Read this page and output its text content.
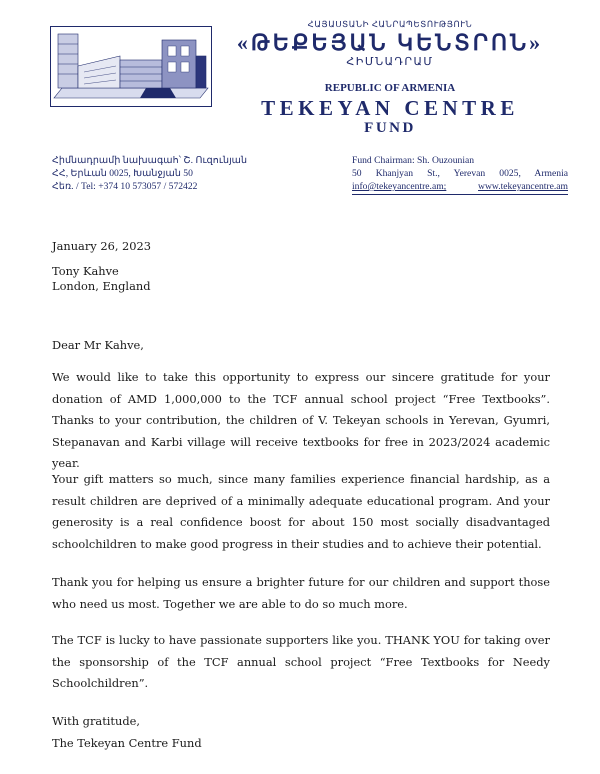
ՀԱՅԱՍՏԱՆԻ ՀԱՆՐԱՊԵՏՈՒԹՅՈՒՆ
«ԹԵՔԵՅԱՆ ԿԵՆՏՐՈՆ»
ՀԻՄՆԱԴՐԱՄ
REPUBLIC OF ARMENIA
TEKEYAN CENTRE
FUND
Հիմնադրամի նախագահ՝ Շ. Ուզունյան
ՀՀ, Երևան 0025, Խանջյան 50
Հեռ. / Tel: +374 10 573057 / 572422
Fund Chairman: Sh. Ouzounian
50 Khanjyan St., Yerevan 0025, Armenia
info@tekeyancentre.am;	www.tekeyancentre.am
January 26, 2023
Tony Kahve
London, England
Dear Mr Kahve,

We would like to take this opportunity to express our sincere gratitude for your donation of AMD 1,000,000 to the TCF annual school project “Free Textbooks”. Thanks to your contribution, the children of V. Tekeyan schools in Yerevan, Gyumri, Stepanavan and Karbi village will receive textbooks for free in 2023/2024 academic year.

Your gift matters so much, since many families experience financial hardship, as a result children are deprived of a minimally adequate educational program. And your generosity is a real confidence boost for about 150 most socially disadvantaged schoolchildren to make good progress in their studies and to achieve their potential.

Thank you for helping us ensure a brighter future for our children and support those who need us most. Together we are able to do so much more.

The TCF is lucky to have passionate supporters like you. THANK YOU for taking over the sponsorship of the TCF annual school project “Free Textbooks for Needy Schoolchildren”.

With gratitude,
The Tekeyan Centre Fund
